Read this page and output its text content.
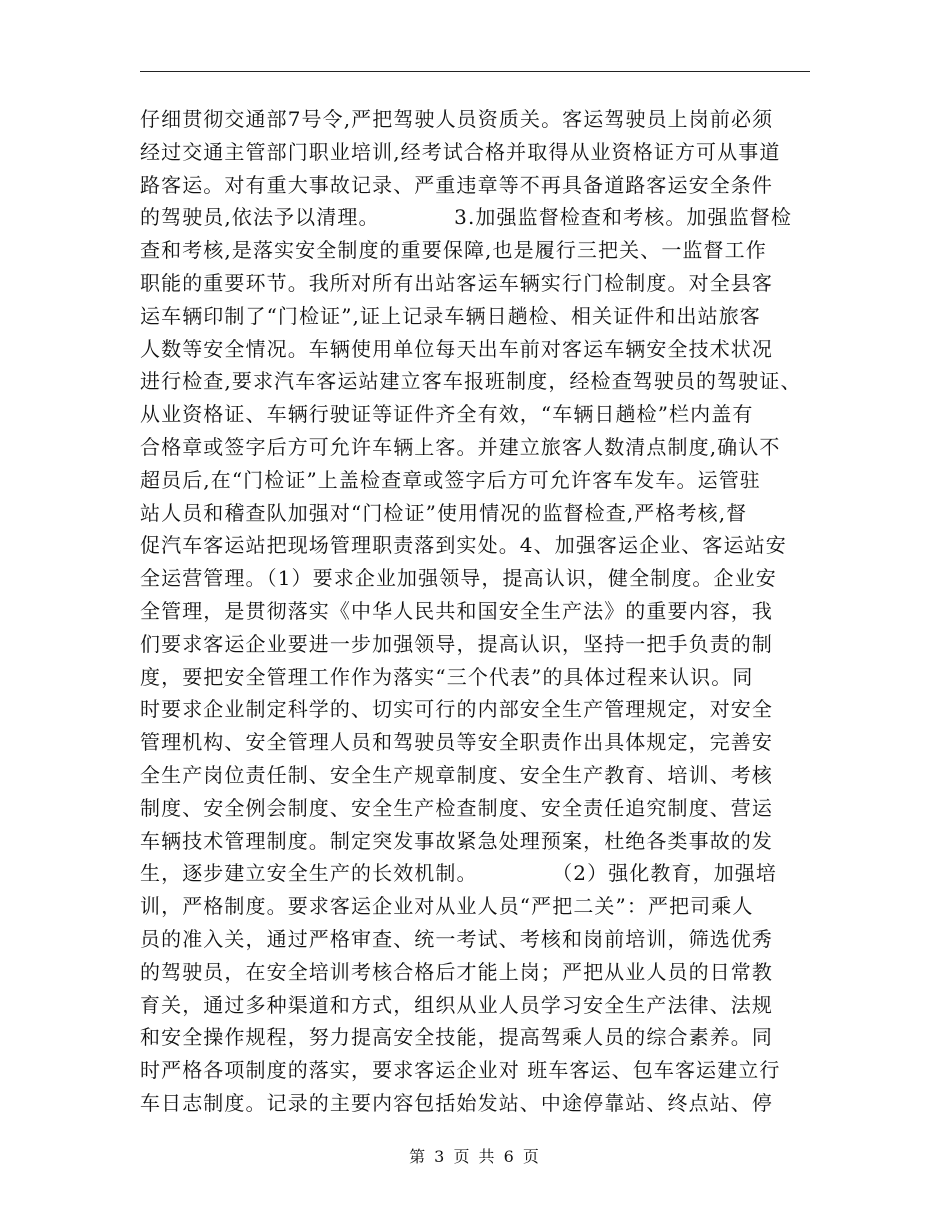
仔细贯彻交通部7号令,严把驾驶人员资质关。客运驾驶员上岗前必须
经过交通主管部门职业培训,经考试合格并取得从业资格证方可从事道
路客运。对有重大事故记录、严重违章等不再具备道路客运安全条件
的驾驶员,依法予以清理。          3.加强监督检查和考核。加强监督检
查和考核,是落实安全制度的重要保障,也是履行三把关、一监督工作
职能的重要环节。我所对所有出站客运车辆实行门检制度。对全县客
运车辆印制了“门检证”,证上记录车辆日趟检、相关证件和出站旅客
人数等安全情况。车辆使用单位每天出车前对客运车辆安全技术状况
进行检查,要求汽车客运站建立客车报班制度，经检查驾驶员的驾驶证、
从业资格证、车辆行驶证等证件齐全有效，“车辆日趟检”栏内盖有
合格章或签字后方可允许车辆上客。并建立旅客人数清点制度,确认不
超员后,在“门检证”上盖检查章或签字后方可允许客车发车。运管驻
站人员和稽查队加强对“门检证”使用情况的监督检查,严格考核,督
促汽车客运站把现场管理职责落到实处。4、加强客运企业、客运站安
全运营管理。（1）要求企业加强领导，提高认识，健全制度。企业安
全管理，是贯彻落实《中华人民共和国安全生产法》的重要内容，我
们要求客运企业要进一步加强领导，提高认识，坚持一把手负责的制
度，要把安全管理工作作为落实“三个代表”的具体过程来认识。同
时要求企业制定科学的、切实可行的内部安全生产管理规定，对安全
管理机构、安全管理人员和驾驶员等安全职责作出具体规定，完善安
全生产岗位责任制、安全生产规章制度、安全生产教育、培训、考核
制度、安全例会制度、安全生产检查制度、安全责任追究制度、营运
车辆技术管理制度。制定突发事故紧急处理预案，杜绝各类事故的发
生，逐步建立安全生产的长效机制。          （2）强化教育，加强培
训，严格制度。要求客运企业对从业人员“严把二关”：严把司乘人
员的准入关，通过严格审查、统一考试、考核和岗前培训，筛选优秀
的驾驶员，在安全培训考核合格后才能上岗；严把从业人员的日常教
育关，通过多种渠道和方式，组织从业人员学习安全生产法律、法规
和安全操作规程，努力提高安全技能，提高驾乘人员的综合素养。同
时严格各项制度的落实，要求客运企业对 班车客运、包车客运建立行
车日志制度。记录的主要内容包括始发站、中途停靠站、终点站、停
第 3 页 共 6 页
